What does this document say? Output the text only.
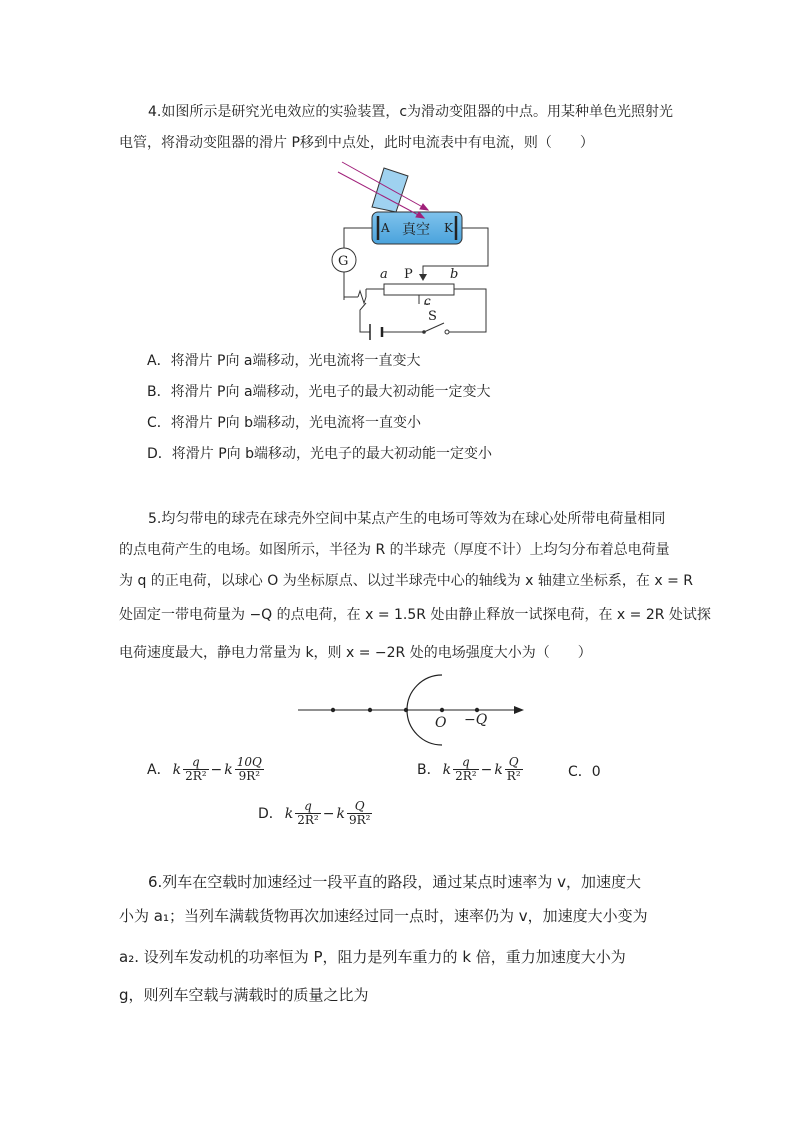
4.如图所示是研究光电效应的实验装置，c为滑动变阻器的中点。用某种单色光照射光
电管，将滑动变阻器的滑片 P移到中点处，此时电流表中有电流，则（　　）
A 真空 K
G
a P	b
c
S
A．将滑片 P向 a端移动，光电流将一直变大
B．将滑片 P向 a端移动，光电子的最大初动能一定变大
C．将滑片 P向 b端移动，光电流将一直变小
D．将滑片 P向 b端移动，光电子的最大初动能一定变小
5.均匀带电的球壳在球壳外空间中某点产生的电场可等效为在球心处所带电荷量相同
的点电荷产生的电场。如图所示，半径为 R 的半球壳（厚度不计）上均匀分布着总电荷量
为 q 的正电荷，以球心 O 为坐标原点、以过半球壳中心的轴线为 x 轴建立坐标系，在 x = R
处固定一带电荷量为 −Q 的点电荷，在 x = 1.5R 处由静止释放一试探电荷，在 x = 2R 处试探
电荷速度最大，静电力常量为 k，则 x = −2R 处的电场强度大小为（　　）
O −Q
A． k $\frac{q}{\text{2R²}} - k \frac{10Q}{\text{9R²}}$	B． k $\frac{q}{\text{2R²}} - k \frac{Q}{\text{R²}}$	C．0
D． k $\frac{q}{\text{2R²}} - k \frac{Q}{\text{9R²}}$
6.列车在空载时加速经过一段平直的路段，通过某点时速率为 v，加速度大
小为 a₁；当列车满载货物再次加速经过同一点时，速率仍为 v，加速度大小变为
a₂. 设列车发动机的功率恒为 P，阻力是列车重力的 k 倍，重力加速度大小为
g，则列车空载与满载时的质量之比为
